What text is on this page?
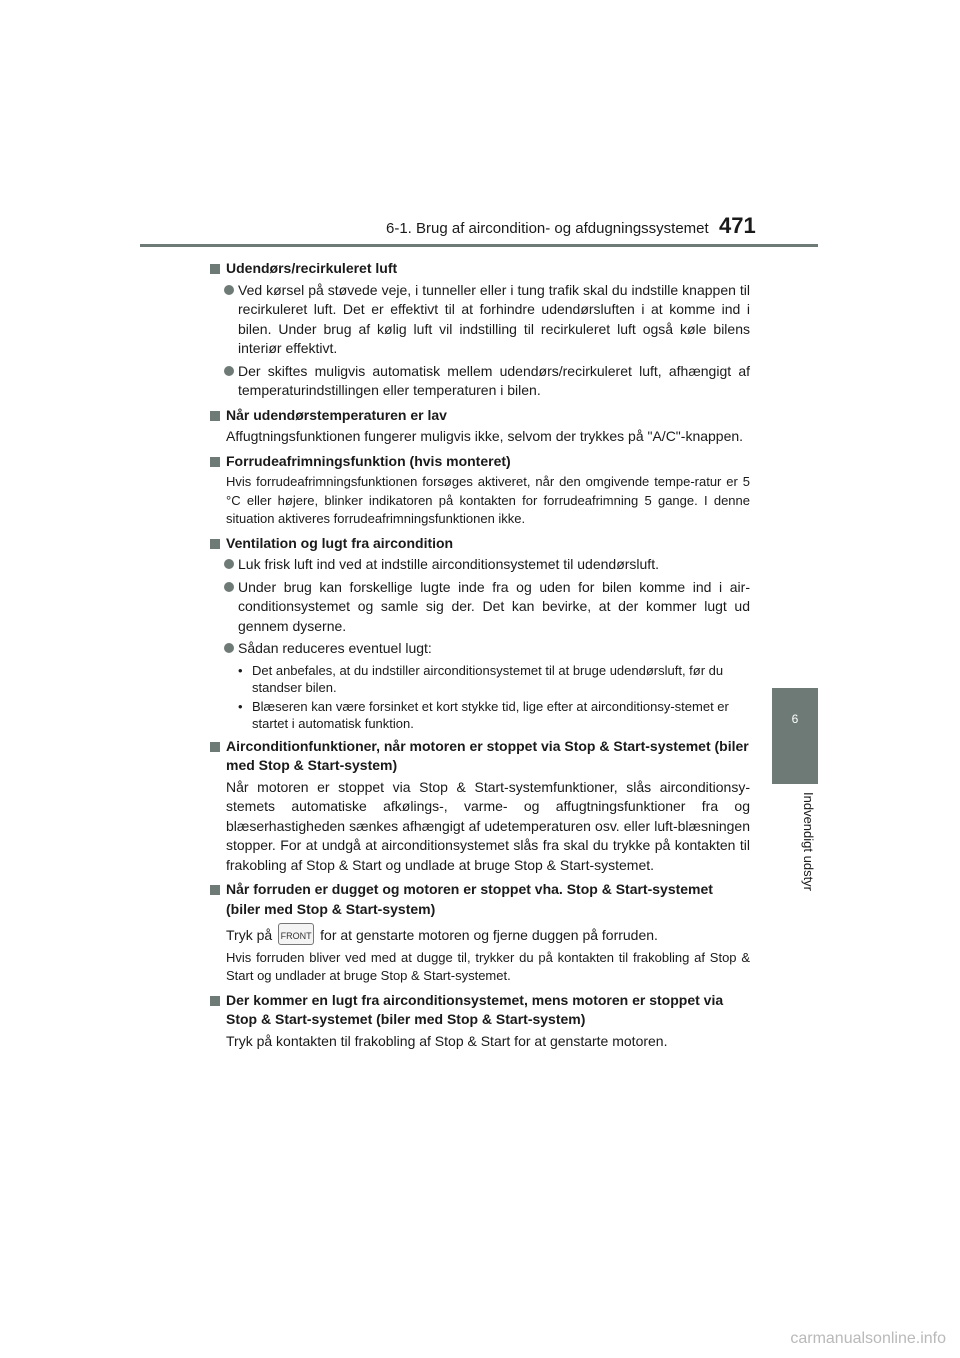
6-1. Brug af aircondition- og afdugningssystemet 471
6
Indvendigt udstyr
Udendørs/recirkuleret luft
Ved kørsel på støvede veje, i tunneller eller i tung trafik skal du indstille knappen til recirkuleret luft. Det er effektivt til at forhindre udendørsluften i at komme ind i bilen. Under brug af kølig luft vil indstilling til recirkuleret luft også køle bilens interiør effektivt.
Der skiftes muligvis automatisk mellem udendørs/recirkuleret luft, afhængigt af temperaturindstillingen eller temperaturen i bilen.
Når udendørstemperaturen er lav
Affugtningsfunktionen fungerer muligvis ikke, selvom der trykkes på "A/C"-knappen.
Forrudeafrimningsfunktion (hvis monteret)
Hvis forrudeafrimningsfunktionen forsøges aktiveret, når den omgivende tempe-ratur er 5 °C eller højere, blinker indikatoren på kontakten for forrudeafrimning 5 gange. I denne situation aktiveres forrudeafrimningsfunktionen ikke.
Ventilation og lugt fra aircondition
Luk frisk luft ind ved at indstille airconditionsystemet til udendørsluft.
Under brug kan forskellige lugte inde fra og uden for bilen komme ind i air-conditionsystemet og samle sig der. Det kan bevirke, at der kommer lugt ud gennem dyserne.
Sådan reduceres eventuel lugt:
• Det anbefales, at du indstiller airconditionsystemet til at bruge udendørsluft, før du standser bilen.
• Blæseren kan være forsinket et kort stykke tid, lige efter at airconditionsy-stemet er startet i automatisk funktion.
Airconditionfunktioner, når motoren er stoppet via Stop & Start-systemet (biler med Stop & Start-system)
Når motoren er stoppet via Stop & Start-systemfunktioner, slås airconditionsy-stemets automatiske afkølings-, varme- og affugtningsfunktioner fra og blæserhastigheden sænkes afhængigt af udetemperaturen osv. eller luft-blæsningen stopper. For at undgå at airconditionsystemet slås fra skal du trykke på kontakten til frakobling af Stop & Start og undlade at bruge Stop & Start-systemet.
Når forruden er dugget og motoren er stoppet vha. Stop & Start-systemet (biler med Stop & Start-system)
Tryk på FRONT for at genstarte motoren og fjerne duggen på forruden.
Hvis forruden bliver ved med at dugge til, trykker du på kontakten til frakobling af Stop & Start og undlader at bruge Stop & Start-systemet.
Der kommer en lugt fra airconditionsystemet, mens motoren er stoppet via Stop & Start-systemet (biler med Stop & Start-system)
Tryk på kontakten til frakobling af Stop & Start for at genstarte motoren.
carmanualsonline.info
